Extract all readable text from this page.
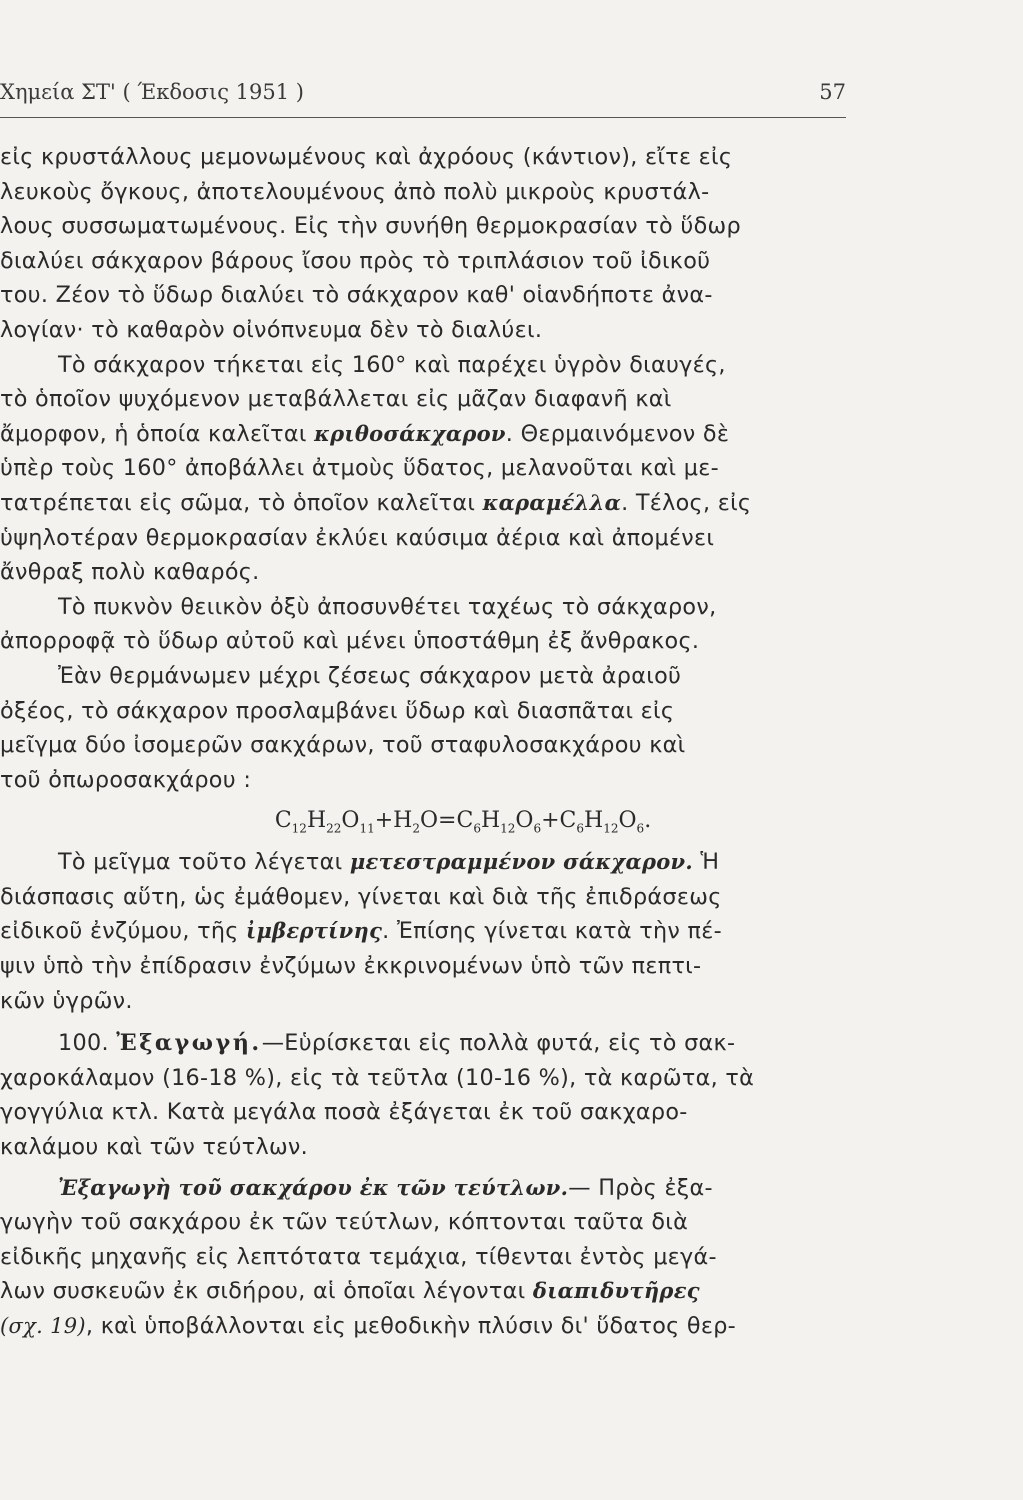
Χημεία ΣΤ' ( Έκδοσις 1951 )	57
εἰς κρυστάλλους μεμονωμένους καὶ ἀχρόους (κάντιον), εἴτε εἰς
λευκοὺς ὄγκους, ἀποτελουμένους ἀπὸ πολὺ μικροὺς κρυστάλ-
λους συσσωματωμένους. Εἰς τὴν συνήθη θερμοκρασίαν τὸ ὕδωρ
διαλύει σάκχαρον βάρους ἴσου πρὸς τὸ τριπλάσιον τοῦ ἰδικοῦ
του. Ζέον τὸ ὕδωρ διαλύει τὸ σάκχαρον καθ' οἱανδήποτε ἀνα-
λογίαν· τὸ καθαρὸν οἰνόπνευμα δὲν τὸ διαλύει.
Τὸ σάκχαρον τήκεται εἰς 160° καὶ παρέχει ὑγρὸν διαυγές,
τὸ ὁποῖον ψυχόμενον μεταβάλλεται εἰς μᾶζαν διαφανῆ καὶ
ἄμορφον, ἡ ὁποία καλεῖται κριθοσάκχαρον. Θερμαινόμενον δὲ
ὑπὲρ τοὺς 160° ἀποβάλλει ἀτμοὺς ὕδατος, μελανοῦται καὶ με-
τατρέπεται εἰς σῶμα, τὸ ὁποῖον καλεῖται καραμέλλα. Τέλος, εἰς
ὑψηλοτέραν θερμοκρασίαν ἐκλύει καύσιμα ἀέρια καὶ ἀπομένει
ἄνθραξ πολὺ καθαρός.
Τὸ πυκνὸν θειικὸν ὀξὺ ἀποσυνθέτει ταχέως τὸ σάκχαρον,
ἀπορροφᾷ τὸ ὕδωρ αὐτοῦ καὶ μένει ὑποστάθμη ἐξ ἄνθρακος.
Ἐὰν θερμάνωμεν μέχρι ζέσεως σάκχαρον μετὰ ἀραιοῦ
ὀξέος, τὸ σάκχαρον προσλαμβάνει ὕδωρ καὶ διασπᾶται εἰς
μεῖγμα δύο ἰσομερῶν σακχάρων, τοῦ σταφυλοσακχάρου καὶ
τοῦ ὀπωροσακχάρου :
$C_{12}H_{22}O_{11}+H_2O=C_6H_{12}O_6+C_6H_{12}O_6$.
Τὸ μεῖγμα τοῦτο λέγεται μετεστραμμένον σάκχαρον. Ἡ
διάσπασις αὕτη, ὡς ἐμάθομεν, γίνεται καὶ διὰ τῆς ἐπιδράσεως
εἰδικοῦ ἐνζύμου, τῆς ἰμβερτίνης. Ἐπίσης γίνεται κατὰ τὴν πέ-
ψιν ὑπὸ τὴν ἐπίδρασιν ἐνζύμων ἐκκρινομένων ὑπὸ τῶν πεπτι-
κῶν ὑγρῶν.
100. Ἐξαγωγή.—Εὑρίσκεται εἰς πολλὰ φυτά, εἰς τὸ σακ-
χαροκάλαμον (16-18 %), εἰς τὰ τεῦτλα (10-16 %), τὰ καρῶτα, τὰ
γογγύλια κτλ. Κατὰ μεγάλα ποσὰ ἐξάγεται ἐκ τοῦ σακχαρο-
καλάμου καὶ τῶν τεύτλων.
Ἐξαγωγὴ τοῦ σακχάρου ἐκ τῶν τεύτλων.— Πρὸς ἐξα-
γωγὴν τοῦ σακχάρου ἐκ τῶν τεύτλων, κόπτονται ταῦτα διὰ
εἰδικῆς μηχανῆς εἰς λεπτότατα τεμάχια, τίθενται ἐντὸς μεγά-
λων συσκευῶν ἐκ σιδήρου, αἱ ὁποῖαι λέγονται διαπιδυτῆρες
(σχ. 19), καὶ ὑποβάλλονται εἰς μεθοδικὴν πλύσιν δι' ὕδατος θερ-
